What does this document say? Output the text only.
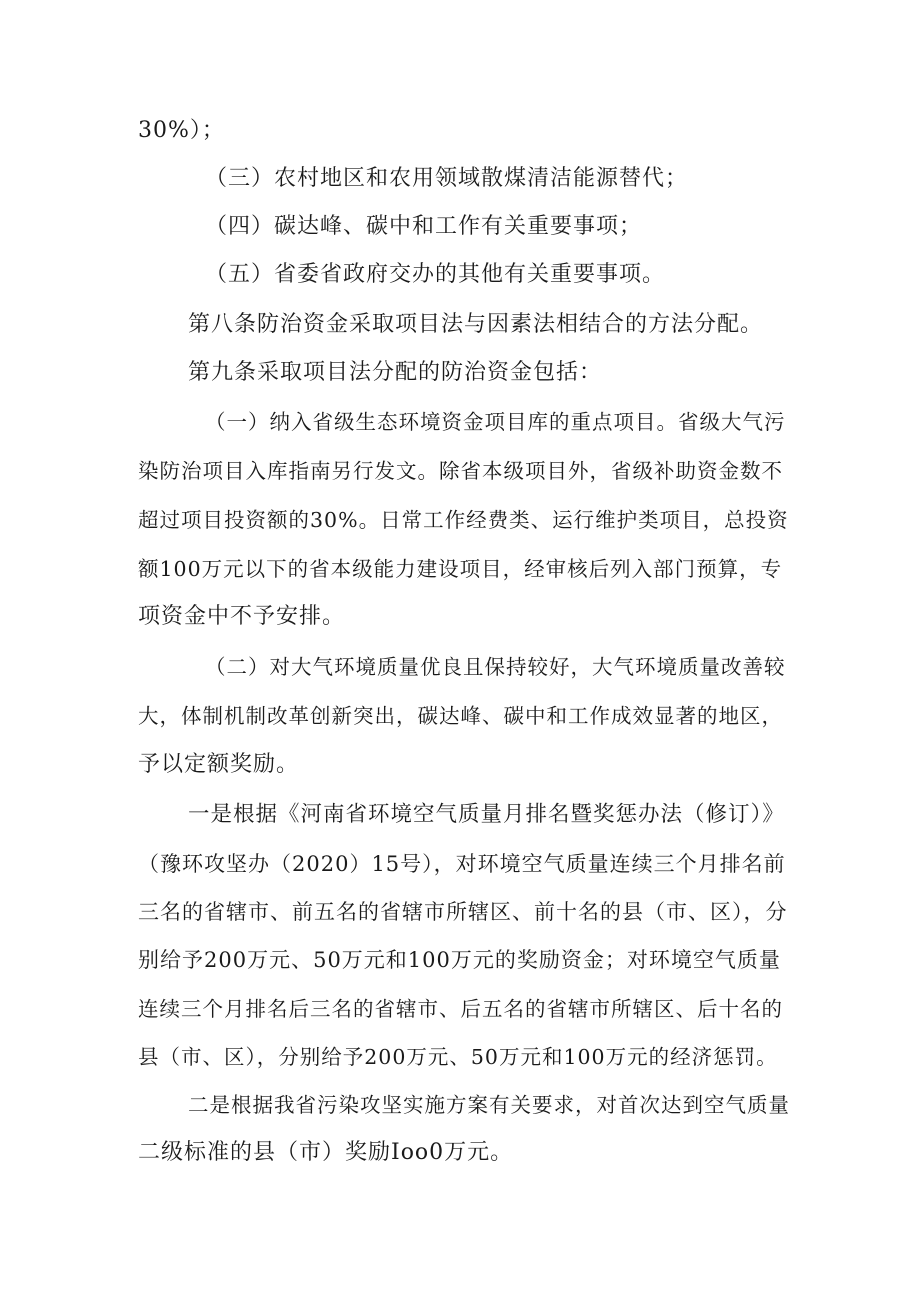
30%）；
（三）农村地区和农用领域散煤清洁能源替代；
（四）碳达峰、碳中和工作有关重要事项；
（五）省委省政府交办的其他有关重要事项。
第八条防治资金采取项目法与因素法相结合的方法分配。
第九条采取项目法分配的防治资金包括：
（一）纳入省级生态环境资金项目库的重点项目。省级大气污
染防治项目入库指南另行发文。除省本级项目外，省级补助资金数不
超过项目投资额的30%。日常工作经费类、运行维护类项目，总投资
额100万元以下的省本级能力建设项目，经审核后列入部门预算，专
项资金中不予安排。
（二）对大气环境质量优良且保持较好，大气环境质量改善较
大，体制机制改革创新突出，碳达峰、碳中和工作成效显著的地区，
予以定额奖励。
一是根据《河南省环境空气质量月排名暨奖惩办法（修订）》
（豫环攻坚办（2020）15号），对环境空气质量连续三个月排名前
三名的省辖市、前五名的省辖市所辖区、前十名的县（市、区），分
别给予200万元、50万元和100万元的奖励资金；对环境空气质量
连续三个月排名后三名的省辖市、后五名的省辖市所辖区、后十名的
县（市、区），分别给予200万元、50万元和100万元的经济惩罚。
二是根据我省污染攻坚实施方案有关要求，对首次达到空气质量
二级标准的县（市）奖励Ioo0万元。
